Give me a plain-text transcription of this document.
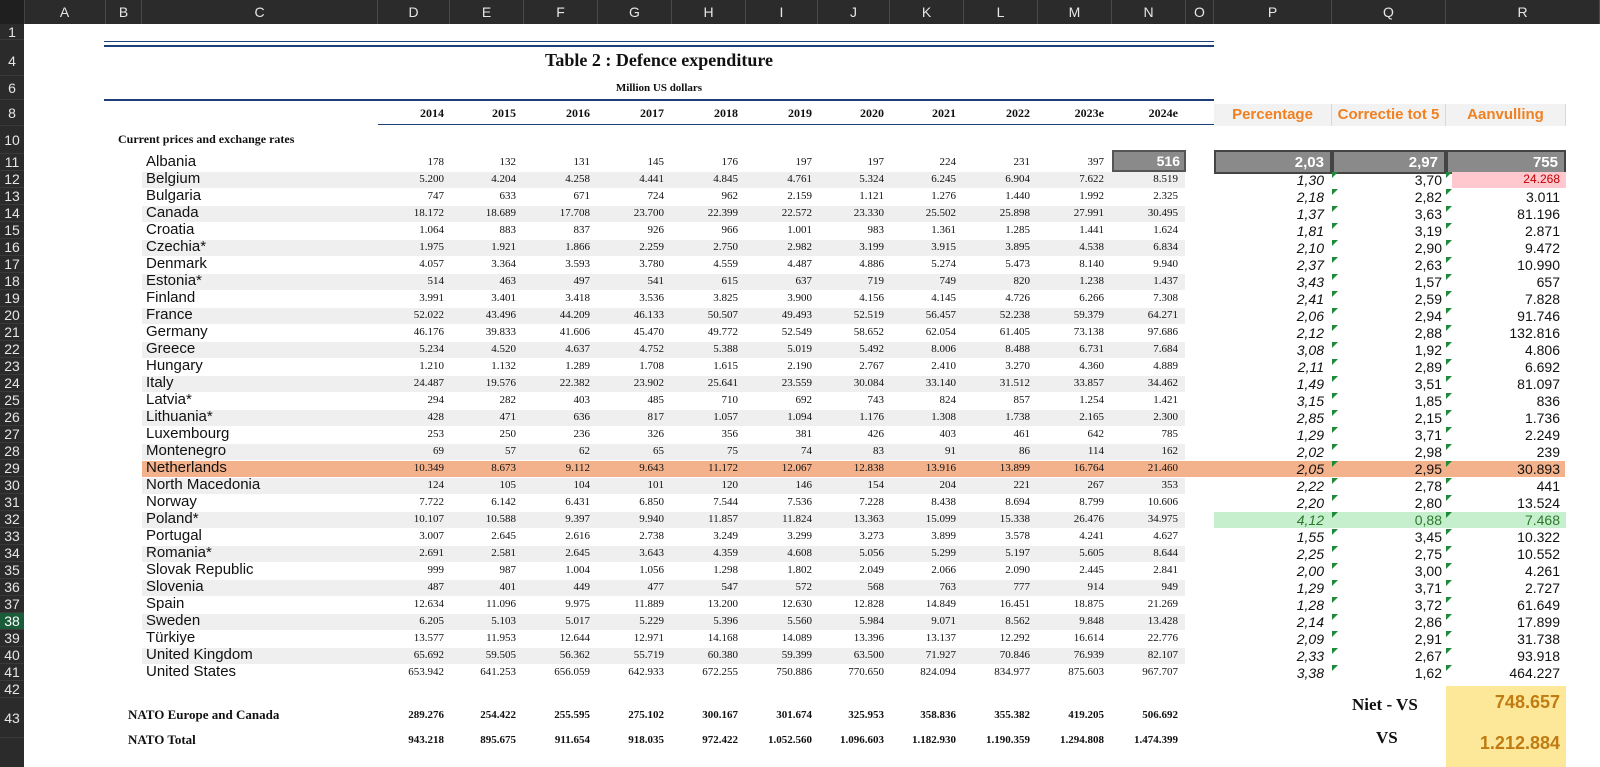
A	B	C	D	E	F	G	H	I	J	K	L	M	N	O	P	Q	R
1
4
6
8
10
11
12
13
14
15
16
17
18
19
20
21
22
23
24
25
26
27
28
29
30
31
32
33
34
35
36
37
38
39
40
41
42
43
Table 2 : Defence expenditure
Million US dollars
2014	2015	2016	2017	2018	2019	2020	2021	2022	2023e	2024e
Current prices and exchange rates
Albania	178	132	131	145	176	197	197	224	231	397	516
Belgium	5.200	4.204	4.258	4.441	4.845	4.761	5.324	6.245	6.904	7.622	8.519
Bulgaria	747	633	671	724	962	2.159	1.121	1.276	1.440	1.992	2.325
Canada	18.172	18.689	17.708	23.700	22.399	22.572	23.330	25.502	25.898	27.991	30.495
Croatia	1.064	883	837	926	966	1.001	983	1.361	1.285	1.441	1.624
Czechia*	1.975	1.921	1.866	2.259	2.750	2.982	3.199	3.915	3.895	4.538	6.834
Denmark	4.057	3.364	3.593	3.780	4.559	4.487	4.886	5.274	5.473	8.140	9.940
Estonia*	514	463	497	541	615	637	719	749	820	1.238	1.437
Finland	3.991	3.401	3.418	3.536	3.825	3.900	4.156	4.145	4.726	6.266	7.308
France	52.022	43.496	44.209	46.133	50.507	49.493	52.519	56.457	52.238	59.379	64.271
Germany	46.176	39.833	41.606	45.470	49.772	52.549	58.652	62.054	61.405	73.138	97.686
Greece	5.234	4.520	4.637	4.752	5.388	5.019	5.492	8.006	8.488	6.731	7.684
Hungary	1.210	1.132	1.289	1.708	1.615	2.190	2.767	2.410	3.270	4.360	4.889
Italy	24.487	19.576	22.382	23.902	25.641	23.559	30.084	33.140	31.512	33.857	34.462
Latvia*	294	282	403	485	710	692	743	824	857	1.254	1.421
Lithuania*	428	471	636	817	1.057	1.094	1.176	1.308	1.738	2.165	2.300
Luxembourg	253	250	236	326	356	381	426	403	461	642	785
Montenegro	69	57	62	65	75	74	83	91	86	114	162
Netherlands	10.349	8.673	9.112	9.643	11.172	12.067	12.838	13.916	13.899	16.764	21.460
North Macedonia	124	105	104	101	120	146	154	204	221	267	353
Norway	7.722	6.142	6.431	6.850	7.544	7.536	7.228	8.438	8.694	8.799	10.606
Poland*	10.107	10.588	9.397	9.940	11.857	11.824	13.363	15.099	15.338	26.476	34.975
Portugal	3.007	2.645	2.616	2.738	3.249	3.299	3.273	3.899	3.578	4.241	4.627
Romania*	2.691	2.581	2.645	3.643	4.359	4.608	5.056	5.299	5.197	5.605	8.644
Slovak Republic	999	987	1.004	1.056	1.298	1.802	2.049	2.066	2.090	2.445	2.841
Slovenia	487	401	449	477	547	572	568	763	777	914	949
Spain	12.634	11.096	9.975	11.889	13.200	12.630	12.828	14.849	16.451	18.875	21.269
Sweden	6.205	5.103	5.017	5.229	5.396	5.560	5.984	9.071	8.562	9.848	13.428
Türkiye	13.577	11.953	12.644	12.971	14.168	14.089	13.396	13.137	12.292	16.614	22.776
United Kingdom	65.692	59.505	56.362	55.719	60.380	59.399	63.500	71.927	70.846	76.939	82.107
United States	653.942	641.253	656.059	642.933	672.255	750.886	770.650	824.094	834.977	875.603	967.707
NATO Europe and Canada	289.276	254.422	255.595	275.102	300.167	301.674	325.953	358.836	355.382	419.205	506.692
NATO Total	943.218	895.675	911.654	918.035	972.422	1.052.560	1.096.603	1.182.930	1.190.359	1.294.808	1.474.399
Percentage	Correctie tot 5	Aanvulling
2,03	2,97	755
1,30	3,70	24.268
2,18	2,82	3.011
1,37	3,63	81.196
1,81	3,19	2.871
2,10	2,90	9.472
2,37	2,63	10.990
3,43	1,57	657
2,41	2,59	7.828
2,06	2,94	91.746
2,12	2,88	132.816
3,08	1,92	4.806
2,11	2,89	6.692
1,49	3,51	81.097
3,15	1,85	836
2,85	2,15	1.736
1,29	3,71	2.249
2,02	2,98	239
2,05	2,95	30.893
2,22	2,78	441
2,20	2,80	13.524
4,12	0,88	7.468
1,55	3,45	10.322
2,25	2,75	10.552
2,00	3,00	4.261
1,29	3,71	2.727
1,28	3,72	61.649
2,14	2,86	17.899
2,09	2,91	31.738
2,33	2,67	93.918
3,38	1,62	464.227
Niet - VS	748.657
VS	1.212.884
